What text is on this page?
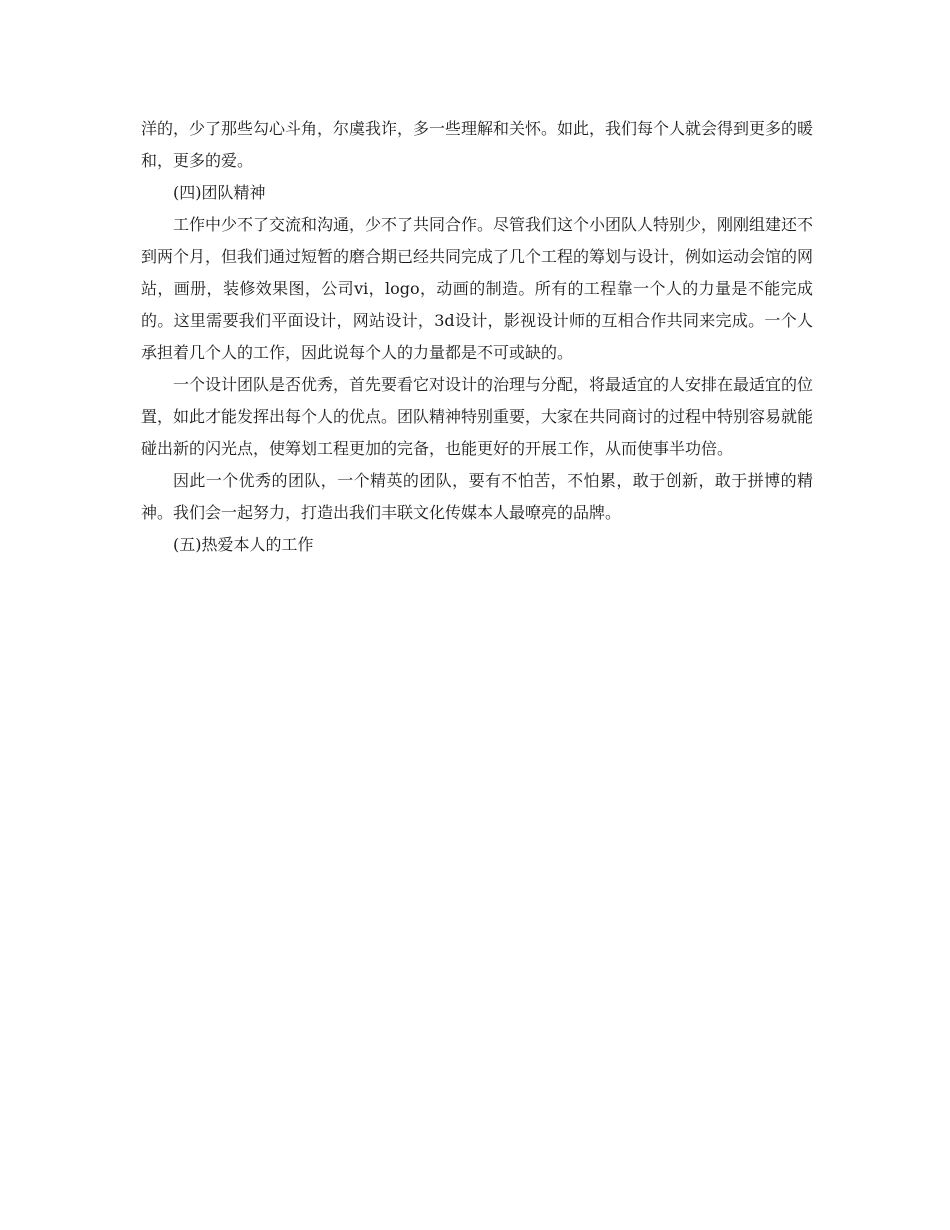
洋的，少了那些勾心斗角，尔虞我诈，多一些理解和关怀。如此，我们每个人就会得到更多的暖和，更多的爱。

(四)团队精神

工作中少不了交流和沟通，少不了共同合作。尽管我们这个小团队人特别少，刚刚组建还不到两个月，但我们通过短暂的磨合期已经共同完成了几个工程的筹划与设计，例如运动会馆的网站，画册，装修效果图，公司vi，logo，动画的制造。所有的工程靠一个人的力量是不能完成的。这里需要我们平面设计，网站设计，3d设计，影视设计师的互相合作共同来完成。一个人承担着几个人的工作，因此说每个人的力量都是不可或缺的。

一个设计团队是否优秀，首先要看它对设计的治理与分配，将最适宜的人安排在最适宜的位置，如此才能发挥出每个人的优点。团队精神特别重要，大家在共同商讨的过程中特别容易就能碰出新的闪光点，使筹划工程更加的完备，也能更好的开展工作，从而使事半功倍。

因此一个优秀的团队，一个精英的团队，要有不怕苦，不怕累，敢于创新，敢于拼博的精神。我们会一起努力，打造出我们丰联文化传媒本人最嘹亮的品牌。

(五)热爱本人的工作
